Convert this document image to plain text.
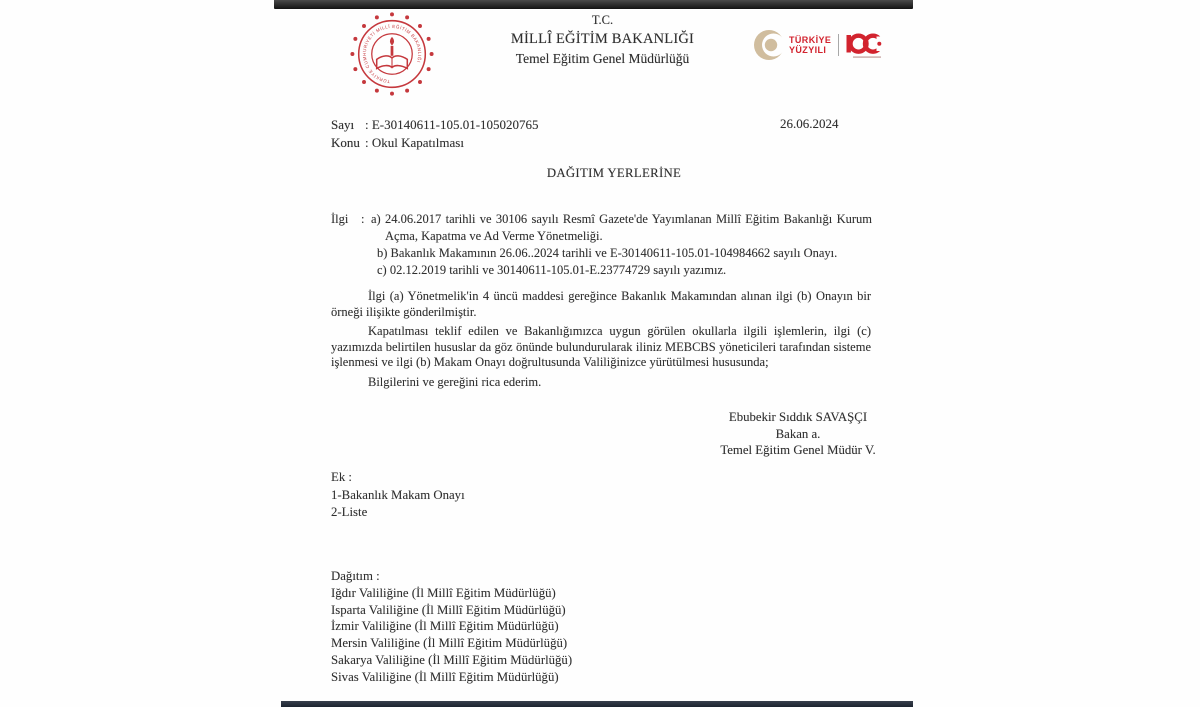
TÜRKİYE CUMHURİYETİ MİLLÎ EĞİTİM BAKANLIĞI
T.C.
MİLLÎ EĞİTİM BAKANLIĞI
Temel Eğitim Genel Müdürlüğü
TÜRKİYE
YÜZYILI
Sayı : E-30140611-105.01-105020765
Konu : Okul Kapatılması
26.06.2024
DAĞITIM YERLERİNE
İlgi	: a) 24.06.2017 tarihli ve 30106 sayılı Resmî Gazete'de Yayımlanan Millî Eğitim Bakanlığı Kurum Açma, Kapatma ve Ad Verme Yönetmeliği.
b) Bakanlık Makamının 26.06..2024 tarihli ve E-30140611-105.01-104984662 sayılı Onayı.
c) 02.12.2019 tarihli ve 30140611-105.01-E.23774729 sayılı yazımız.

İlgi (a) Yönetmelik'in 4 üncü maddesi gereğince Bakanlık Makamından alınan ilgi (b) Onayın bir örneği ilişikte gönderilmiştir.

Kapatılması teklif edilen ve Bakanlığımızca uygun görülen okullarla ilgili işlemlerin, ilgi (c) yazımızda belirtilen hususlar da göz önünde bulundurularak iliniz MEBCBS yöneticileri tarafından sisteme işlenmesi ve ilgi (b) Makam Onayı doğrultusunda Valiliğinizce yürütülmesi hususunda;

Bilgilerini ve gereğini rica ederim.

Ebubekir Sıddık SAVAŞÇI
Bakan a.
Temel Eğitim Genel Müdür V.
Ek :
1-Bakanlık Makam Onayı
2-Liste
Dağıtım :
Iğdır Valiliğine (İl Millî Eğitim Müdürlüğü)
Isparta Valiliğine (İl Millî Eğitim Müdürlüğü)
İzmir Valiliğine (İl Millî Eğitim Müdürlüğü)
Mersin Valiliğine (İl Millî Eğitim Müdürlüğü)
Sakarya Valiliğine (İl Millî Eğitim Müdürlüğü)
Sivas Valiliğine (İl Millî Eğitim Müdürlüğü)
